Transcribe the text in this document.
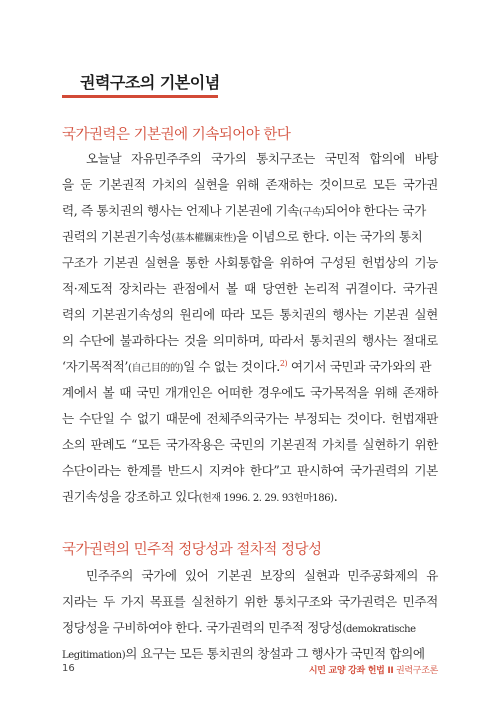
권력구조의 기본이념
국가권력은 기본권에 기속되어야 한다
오늘날 자유민주주의 국가의 통치구조는 국민적 합의에 바탕
을 둔 기본권적 가치의 실현을 위해 존재하는 것이므로 모든 국가권
력, 즉 통치권의 행사는 언제나 기본권에 기속(구속)되어야 한다는 국가
권력의 기본권기속성(基本權羈束性)을 이념으로 한다. 이는 국가의 통치
구조가 기본권 실현을 통한 사회통합을 위하여 구성된 헌법상의 기능
적·제도적 장치라는 관점에서 볼 때 당연한 논리적 귀결이다. 국가권
력의 기본권기속성의 원리에 따라 모든 통치권의 행사는 기본권 실현
의 수단에 불과하다는 것을 의미하며, 따라서 통치권의 행사는 절대로
‘자기목적적’(自己目的的)일 수 없는 것이다.$^{2)}$ 여기서 국민과 국가와의 관
계에서 볼 때 국민 개개인은 어떠한 경우에도 국가목적을 위해 존재하
는 수단일 수 없기 때문에 전체주의국가는 부정되는 것이다. 헌법재판
소의 판례도 “모든 국가작용은 국민의 기본권적 가치를 실현하기 위한
수단이라는 한계를 반드시 지켜야 한다”고 판시하여 국가권력의 기본
권기속성을 강조하고 있다(헌재 1996. 2. 29. 93헌마186).
국가권력의 민주적 정당성과 절차적 정당성
민주주의 국가에 있어 기본권 보장의 실현과 민주공화제의 유
지라는 두 가지 목표를 실천하기 위한 통치구조와 국가권력은 민주적
정당성을 구비하여야 한다. 국가권력의 민주적 정당성(demokratische
Legitimation)의 요구는 모든 통치권의 창설과 그 행사가 국민적 합의에
16	시민 교양 강좌 헌법 II 권력구조론
